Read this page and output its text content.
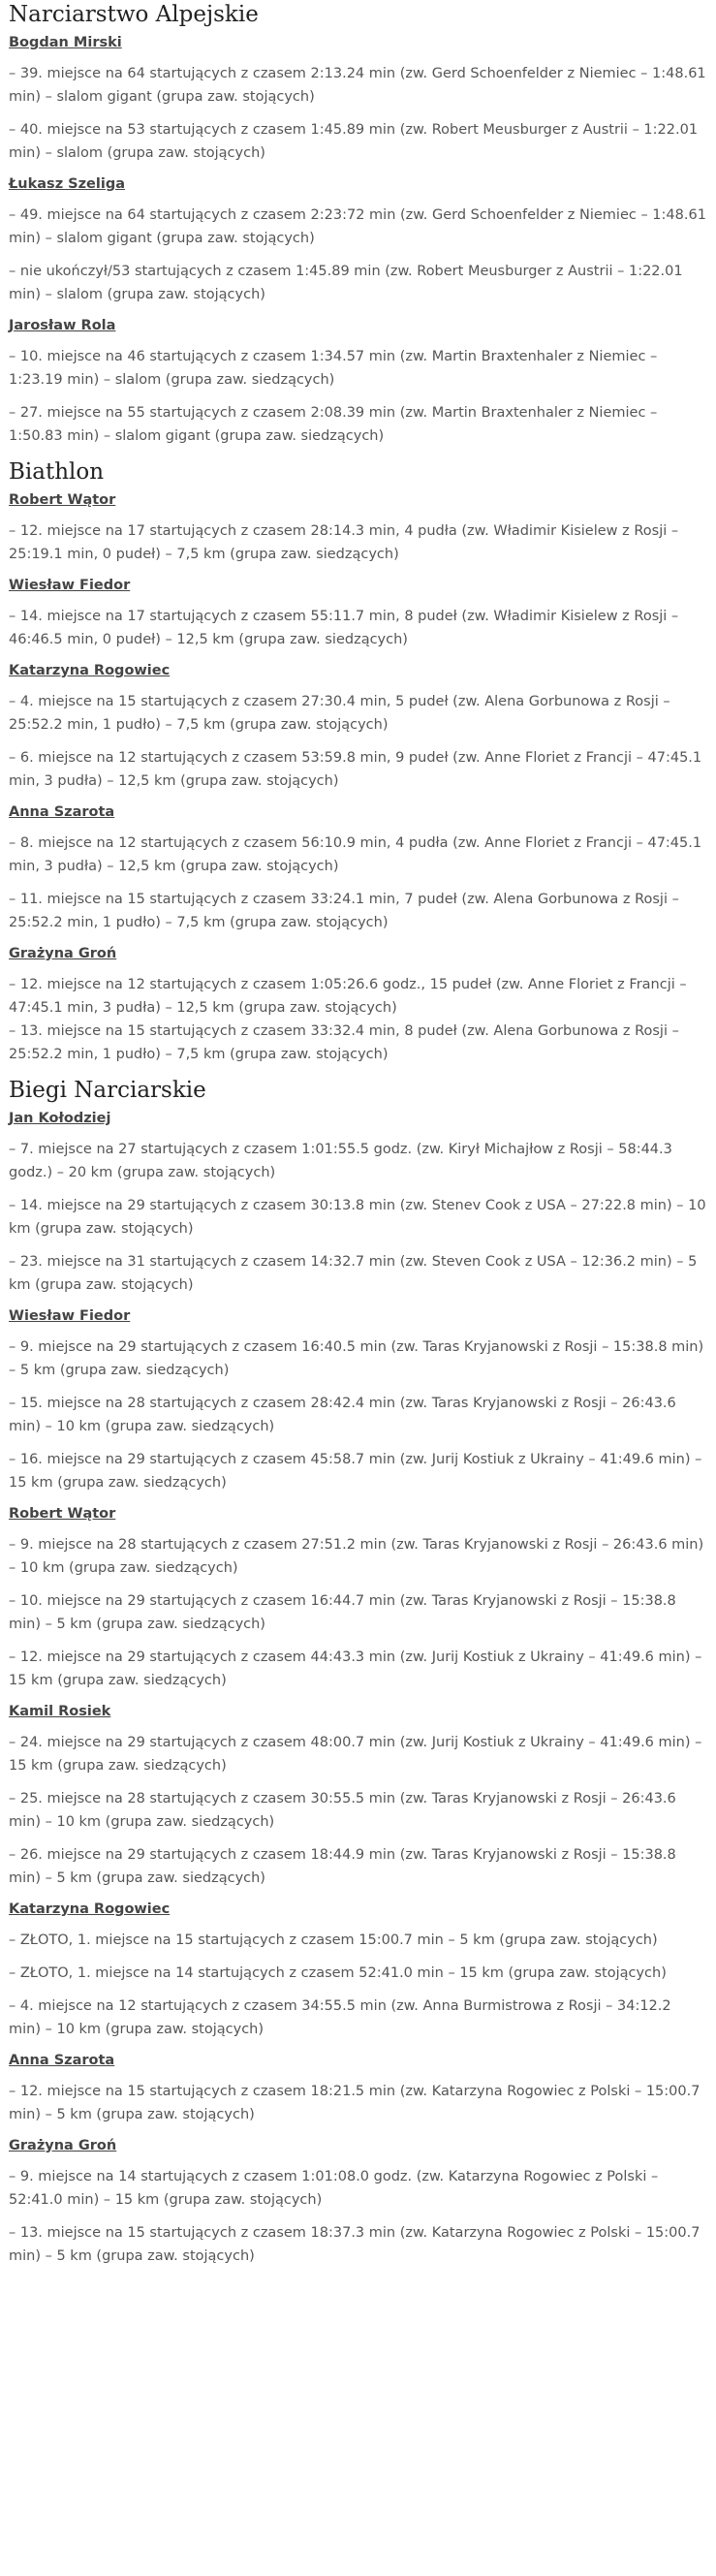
Narciarstwo Alpejskie

Bogdan Mirski

– 39. miejsce na 64 startujących z czasem 2:13.24 min (zw. Gerd Schoenfelder z Niemiec – 1:48.61 min) – slalom gigant (grupa zaw. stojących)

– 40. miejsce na 53 startujących z czasem 1:45.89 min (zw. Robert Meusburger z Austrii – 1:22.01 min) – slalom (grupa zaw. stojących)

Łukasz Szeliga

– 49. miejsce na 64 startujących z czasem 2:23:72 min (zw. Gerd Schoenfelder z Niemiec – 1:48.61 min) – slalom gigant (grupa zaw. stojących)

– nie ukończył/53 startujących z czasem 1:45.89 min (zw. Robert Meusburger z Austrii – 1:22.01 min) – slalom (grupa zaw. stojących)

Jarosław Rola

– 10. miejsce na 46 startujących z czasem 1:34.57 min (zw. Martin Braxtenhaler z Niemiec – 1:23.19 min) – slalom (grupa zaw. siedzących)

– 27. miejsce na 55 startujących z czasem 2:08.39 min (zw. Martin Braxtenhaler z Niemiec – 1:50.83 min) – slalom gigant (grupa zaw. siedzących)

Biathlon

Robert Wątor

– 12. miejsce na 17 startujących z czasem 28:14.3 min, 4 pudła (zw. Władimir Kisielew z Rosji – 25:19.1 min, 0 pudeł) – 7,5 km (grupa zaw. siedzących)

Wiesław Fiedor

– 14. miejsce na 17 startujących z czasem 55:11.7 min, 8 pudeł (zw. Władimir Kisielew z Rosji – 46:46.5 min, 0 pudeł) – 12,5 km (grupa zaw. siedzących)

Katarzyna Rogowiec

– 4. miejsce na 15 startujących z czasem 27:30.4 min, 5 pudeł (zw. Alena Gorbunowa z Rosji – 25:52.2 min, 1 pudło) – 7,5 km (grupa zaw. stojących)

– 6. miejsce na 12 startujących z czasem 53:59.8 min, 9 pudeł (zw. Anne Floriet z Francji – 47:45.1 min, 3 pudła) – 12,5 km (grupa zaw. stojących)

Anna Szarota

– 8. miejsce na 12 startujących z czasem 56:10.9 min, 4 pudła (zw. Anne Floriet z Francji – 47:45.1 min, 3 pudła) – 12,5 km (grupa zaw. stojących)

– 11. miejsce na 15 startujących z czasem 33:24.1 min, 7 pudeł (zw. Alena Gorbunowa z Rosji – 25:52.2 min, 1 pudło) – 7,5 km (grupa zaw. stojących)

Grażyna Groń

– 12. miejsce na 12 startujących z czasem 1:05:26.6 godz., 15 pudeł (zw. Anne Floriet z Francji – 47:45.1 min, 3 pudła) – 12,5 km (grupa zaw. stojących)

– 13. miejsce na 15 startujących z czasem 33:32.4 min, 8 pudeł (zw. Alena Gorbunowa z Rosji – 25:52.2 min, 1 pudło) – 7,5 km (grupa zaw. stojących)

Biegi Narciarskie

Jan Kołodziej

– 7. miejsce na 27 startujących z czasem 1:01:55.5 godz. (zw. Kirył Michajłow z Rosji – 58:44.3 godz.) – 20 km (grupa zaw. stojących)

– 14. miejsce na 29 startujących z czasem 30:13.8 min (zw. Stenev Cook z USA – 27:22.8 min) – 10 km (grupa zaw. stojących)

– 23. miejsce na 31 startujących z czasem 14:32.7 min (zw. Steven Cook z USA – 12:36.2 min) – 5 km (grupa zaw. stojących)

Wiesław Fiedor

– 9. miejsce na 29 startujących z czasem 16:40.5 min (zw. Taras Kryjanowski z Rosji – 15:38.8 min) – 5 km (grupa zaw. siedzących)

– 15. miejsce na 28 startujących z czasem 28:42.4 min (zw. Taras Kryjanowski z Rosji – 26:43.6 min) – 10 km (grupa zaw. siedzących)

– 16. miejsce na 29 startujących z czasem 45:58.7 min (zw. Jurij Kostiuk z Ukrainy – 41:49.6 min) – 15 km (grupa zaw. siedzących)

Robert Wątor

– 9. miejsce na 28 startujących z czasem 27:51.2 min (zw. Taras Kryjanowski z Rosji – 26:43.6 min) – 10 km (grupa zaw. siedzących)

– 10. miejsce na 29 startujących z czasem 16:44.7 min (zw. Taras Kryjanowski z Rosji – 15:38.8 min) – 5 km (grupa zaw. siedzących)

– 12. miejsce na 29 startujących z czasem 44:43.3 min (zw. Jurij Kostiuk z Ukrainy – 41:49.6 min) – 15 km (grupa zaw. siedzących)

Kamil Rosiek

– 24. miejsce na 29 startujących z czasem 48:00.7 min (zw. Jurij Kostiuk z Ukrainy – 41:49.6 min) – 15 km (grupa zaw. siedzących)

– 25. miejsce na 28 startujących z czasem 30:55.5 min (zw. Taras Kryjanowski z Rosji – 26:43.6 min) – 10 km (grupa zaw. siedzących)

– 26. miejsce na 29 startujących z czasem 18:44.9 min (zw. Taras Kryjanowski z Rosji – 15:38.8 min) – 5 km (grupa zaw. siedzących)

Katarzyna Rogowiec

– ZŁOTO, 1. miejsce na 15 startujących z czasem 15:00.7 min – 5 km (grupa zaw. stojących)

– ZŁOTO, 1. miejsce na 14 startujących z czasem 52:41.0 min – 15 km (grupa zaw. stojących)

– 4. miejsce na 12 startujących z czasem 34:55.5 min (zw. Anna Burmistrowa z Rosji – 34:12.2 min) – 10 km (grupa zaw. stojących)

Anna Szarota

– 12. miejsce na 15 startujących z czasem 18:21.5 min (zw. Katarzyna Rogowiec z Polski – 15:00.7 min) – 5 km (grupa zaw. stojących)

Grażyna Groń

– 9. miejsce na 14 startujących z czasem 1:01:08.0 godz. (zw. Katarzyna Rogowiec z Polski – 52:41.0 min) – 15 km (grupa zaw. stojących)

– 13. miejsce na 15 startujących z czasem 18:37.3 min (zw. Katarzyna Rogowiec z Polski – 15:00.7 min) – 5 km (grupa zaw. stojących)
